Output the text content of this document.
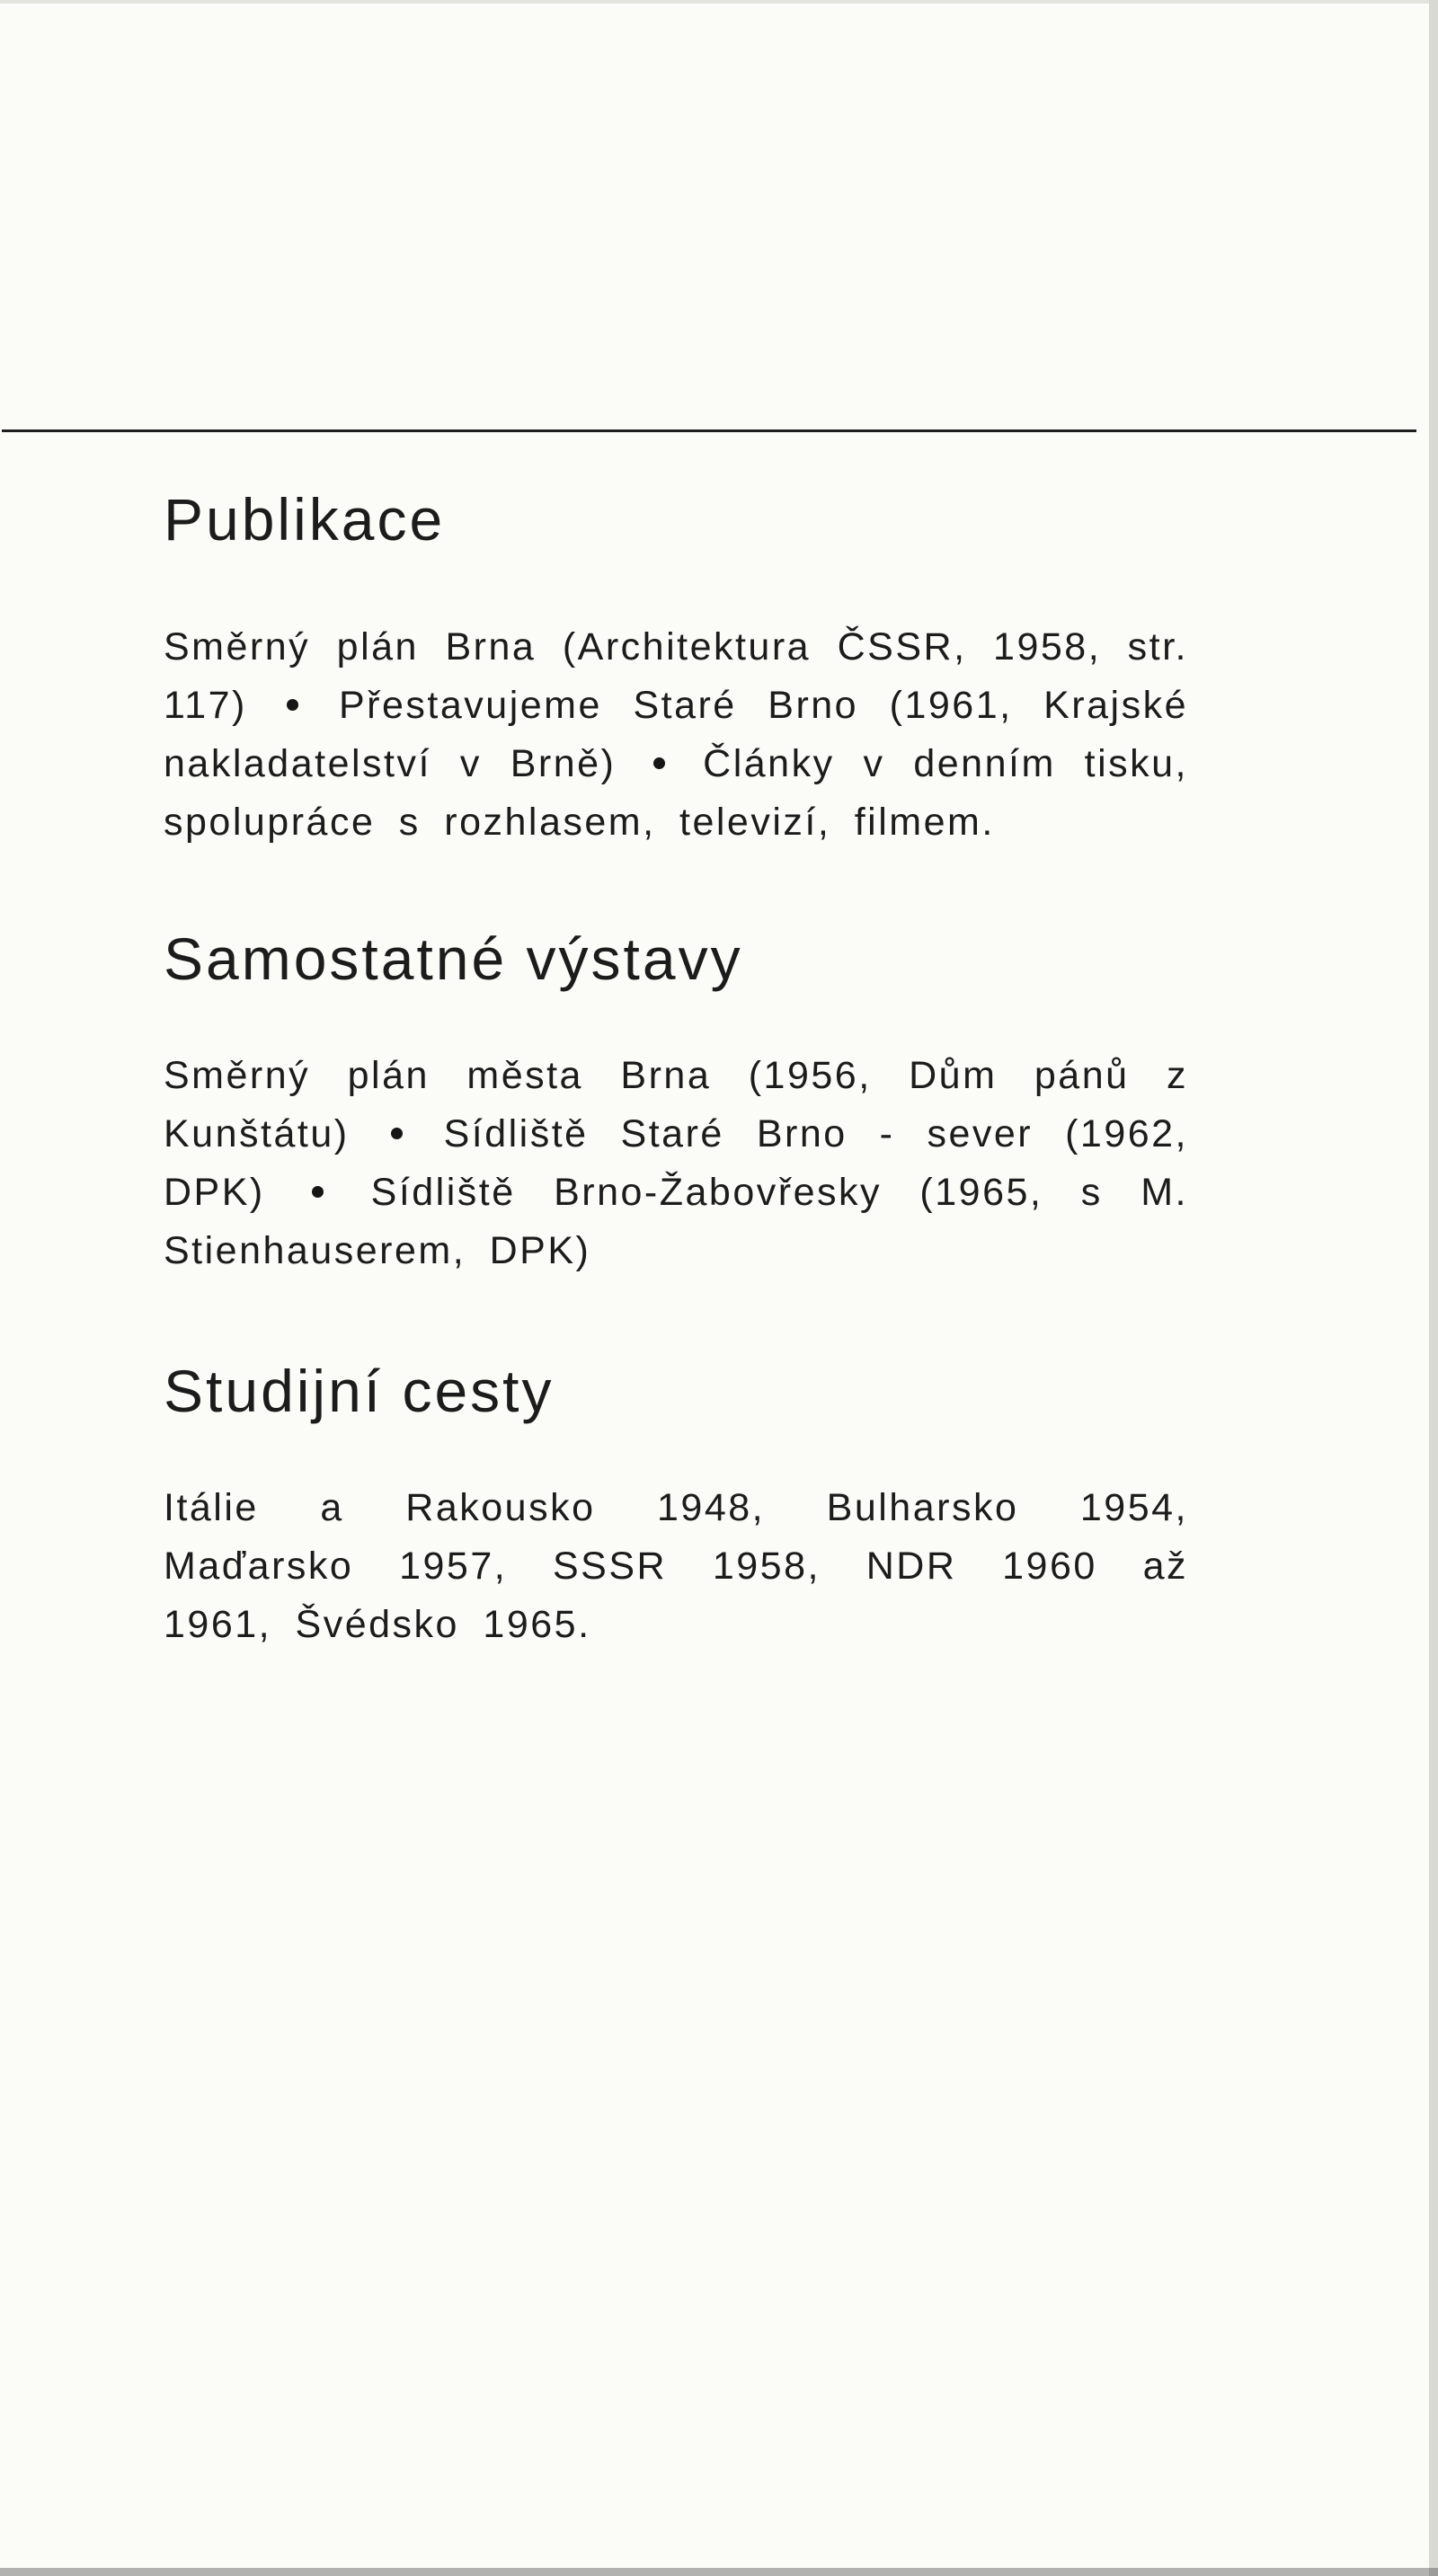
Publikace

Směrný plán Brna (Architektura ČSSR, 1958, str. 117) Přestavujeme Staré Brno (1961, Krajské nakladatelství v Brně) Články v denním tisku, spolupráce s rozhlasem, televizí, filmem.

Samostatné výstavy

Směrný plán města Brna (1956, Dům pánů z Kunštátu) Sídliště Staré Brno - sever (1962, DPK)	Sídliště Brno-Žabovřesky (1965, s M. Stienhauserem, DPK)

Studijní cesty

Itálie a Rakousko 1948, Bulharsko 1954, Maďarsko 1957, SSSR 1958, NDR 1960 až 1961, Švédsko 1965.
